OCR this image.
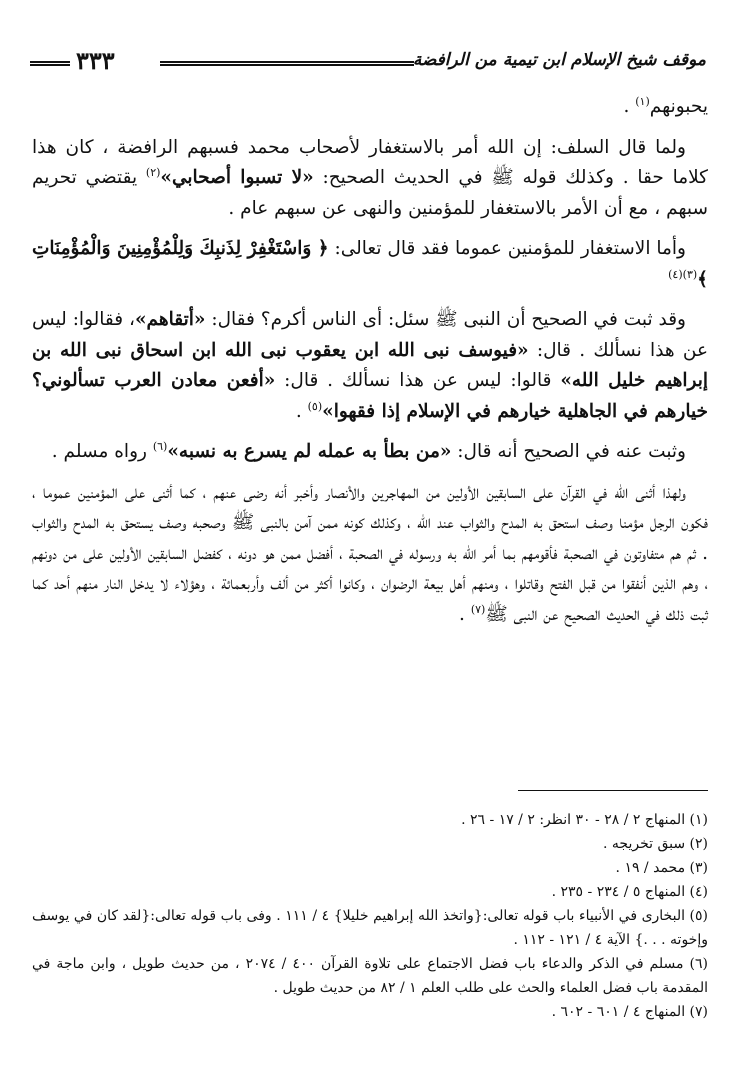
موقف شيخ الإسلام ابن تيمية من الرافضة
٣٣٣

يحبونهم$^{(١)}$ .

ولما قال السلف: إن الله أمر بالاستغفار لأصحاب محمد فسبهم الرافضة ، كان هذا كلاما حقا . وكذلك قوله ﷺ في الحديث الصحيح: «لا تسبوا أصحابي»$^{(٢)}$ يقتضي تحريم سبهم ، مع أن الأمر بالاستغفار للمؤمنين والنهى عن سبهم عام .

وأما الاستغفار للمؤمنين عموما فقد قال تعالى: ﴿ وَاسْتَغْفِرْ لِذَنبِكَ وَلِلْمُؤْمِنِينَ وَالْمُؤْمِنَاتِ ﴾$^{(٣)(٤)}$

وقد ثبت في الصحيح أن النبى ﷺ سئل: أى الناس أكرم؟ فقال: «أتقاهم»، فقالوا: ليس عن هذا نسألك . قال: «فيوسف نبى الله ابن يعقوب نبى الله ابن اسحاق نبى الله بن إبراهيم خليل الله» قالوا: ليس عن هذا نسألك . قال: «أفعن معادن العرب تسألوني؟ خيارهم في الجاهلية خيارهم في الإسلام إذا فقهوا»$^{(٥)}$ .

وثبت عنه في الصحيح أنه قال: «من بطأ به عمله لم يسرع به نسبه»$^{(٦)}$ رواه مسلم .

ولهذا أثنى الله في القرآن على السابقين الأولين من المهاجرين والأنصار وأخبر أنه رضى عنهم ، كما أثنى على المؤمنين عموما ، فكون الرجل مؤمنا وصف استحق به المدح والثواب عند الله ، وكذلك كونه ممن آمن بالنبى ﷺ وصحبه وصف يستحق به المدح والثواب . ثم هم متفاوتون في الصحبة فأقومهم بما أمر الله به ورسوله في الصحبة ، أفضل ممن هو دونه ، كفضل السابقين الأولين على من دونهم ، وهم الذين أنفقوا من قبل الفتح وقاتلوا ، ومنهم أهل بيعة الرضوان ، وكانوا أكثر من ألف وأربعمائة ، وهؤلاء لا يدخل النار منهم أحد كما ثبت ذلك في الحديث الصحيح عن النبى ﷺ$^{(٧)}$ .

(١) المنهاج ٢ / ٢٨ - ٣٠ انظر: ٢ / ١٧ - ٢٦ .
(٢) سبق تخريجه .
(٣) محمد / ١٩ .
(٤) المنهاج ٥ / ٢٣٤ - ٢٣٥ .
(٥) البخارى في الأنبياء باب قوله تعالى:{واتخذ الله إبراهيم خليلا} ٤ / ١١١ . وفى باب قوله تعالى:{لقد كان في يوسف وإخوته . . .} الآية ٤ / ١٢١ - ١١٢ .
(٦) مسلم في الذكر والدعاء باب فضل الاجتماع على تلاوة القرآن ٤٠٠ / ٢٠٧٤ ، من حديث طويل ، وابن ماجة في المقدمة باب فضل العلماء والحث على طلب العلم ١ / ٨٢ من حديث طويل .
(٧) المنهاج ٤ / ٦٠١ - ٦٠٢ .
